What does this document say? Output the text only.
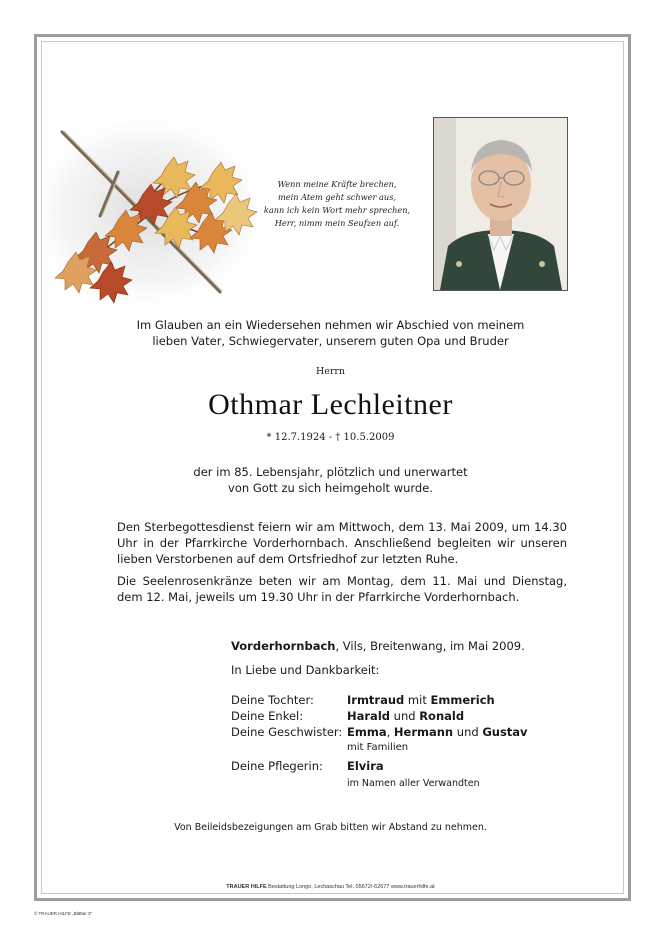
Wenn meine Kräfte brechen,
mein Atem geht schwer aus,
kann ich kein Wort mehr sprechen,
Herr, nimm mein Seufzen auf.
Im Glauben an ein Wiedersehen nehmen wir Abschied von meinem
lieben Vater, Schwiegervater, unserem guten Opa und Bruder
Herrn
Othmar Lechleitner
* 12.7.1924 - † 10.5.2009
der im 85. Lebensjahr, plötzlich und unerwartet
von Gott zu sich heimgeholt wurde.
Den Sterbegottesdienst feiern wir am Mittwoch, dem 13. Mai 2009, um 14.30 Uhr in der Pfarrkirche Vorderhornbach. Anschließend begleiten wir unseren lieben Verstorbenen auf dem Ortsfriedhof zur letzten Ruhe.
Die Seelenrosenkränze beten wir am Montag, dem 11. Mai und Dienstag, dem 12. Mai, jeweils um 19.30 Uhr in der Pfarrkirche Vorderhornbach.
Vorderhornbach, Vils, Breitenwang, im Mai 2009.
In Liebe und Dankbarkeit:
Deine Tochter:	Irmtraud mit Emmerich
Deine Enkel:	Harald und Ronald
Deine Geschwister: Emma, Hermann und Gustav
mit Familien
Deine Pflegerin: Elvira
im Namen aller Verwandten
Von Beileidsbezeigungen am Grab bitten wir Abstand zu nehmen.
TRAUER HILFE Bestattung Longo, Lechaschau Tel. 05672/-62677 www.trauerhilfe.at
© TRAUER HILFE „Blätter 3“
